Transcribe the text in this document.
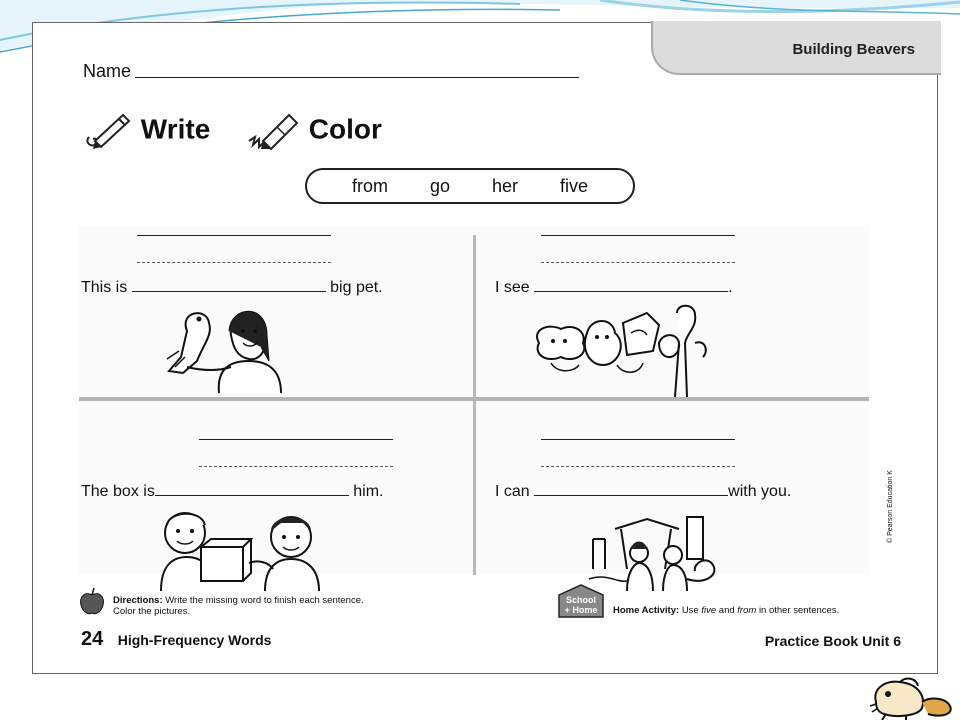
Building Beavers
Name
Write	Color
from go her five
This is	big pet.	I see	.
The box is	him.	I can	with you.
Directions: Write the missing word to finish each sentence. Color the pictures.
School
+ Home Home Activity: Use five and from in other sentences.
24 High-Frequency Words	Practice Book Unit 6
© Pearson Education K
